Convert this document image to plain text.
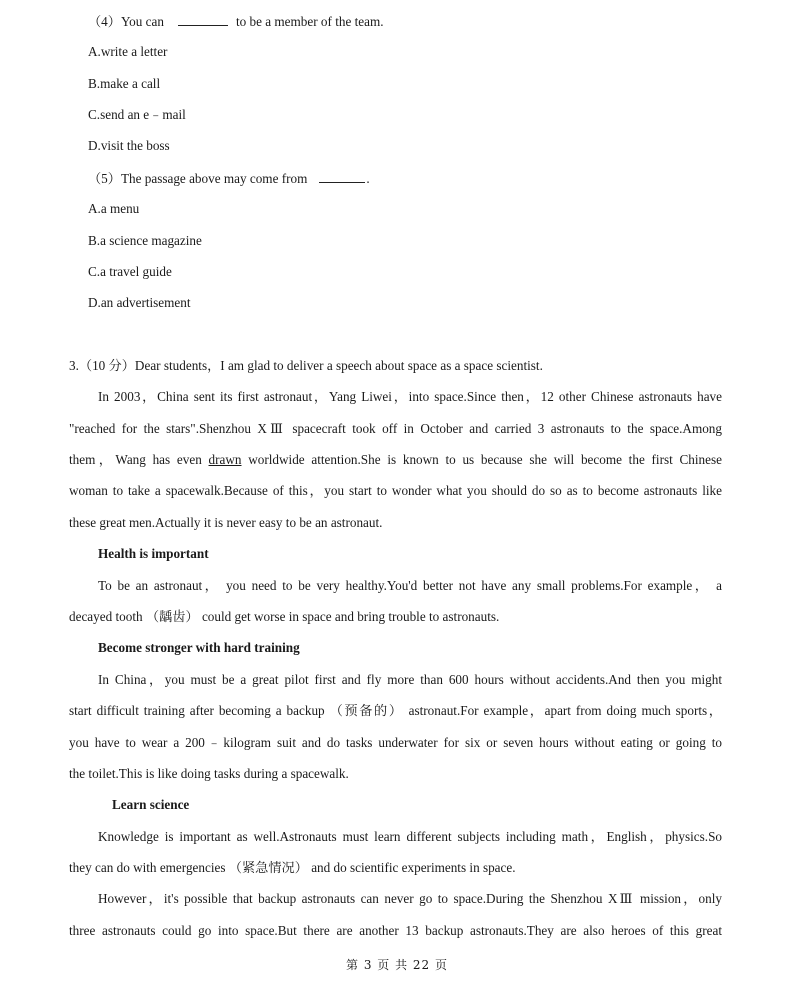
（4）You can	to be a member of the team.
A.write a letter
B.make a call
C.send an e﹣mail
D.visit the boss
（5）The passage above may come from	.
A.a menu
B.a science magazine
C.a travel guide
D.an advertisement
3.（10 分）Dear students，I am glad to deliver a speech about space as a space scientist.
In 2003，China sent its first astronaut，Yang Liwei，into space.Since then，12 other Chinese astronauts have
"reached for the stars".Shenzhou XⅢ spacecraft took off in October and carried 3 astronauts to the space.Among
them，Wang has even drawn worldwide attention.She is known to us because she will become the first Chinese
woman to take a spacewalk.Because of this，you start to wonder what you should do so as to become astronauts like
these great men.Actually it is never easy to be an astronaut.
Health is important
To be an astronaut， you need to be very healthy.You'd better not have any small problems.For example， a
decayed tooth （龋齿） could get worse in space and bring trouble to astronauts.
Become stronger with hard training
In China，you must be a great pilot first and fly more than 600 hours without accidents.And then you might
start difficult training after becoming a backup （预备的） astronaut.For example，apart from doing much sports，
you have to wear a 200﹣kilogram suit and do tasks underwater for six or seven hours without eating or going to
the toilet.This is like doing tasks during a spacewalk.
Learn science
Knowledge is important as well.Astronauts must learn different subjects including math，English，physics.So
they can do with emergencies （紧急情况） and do scientific experiments in space.
However，it's possible that backup astronauts can never go to space.During the Shenzhou XⅢ mission，only
three astronauts could go into space.But there are another 13 backup astronauts.They are also heroes of this great
第 3 页 共 22 页
